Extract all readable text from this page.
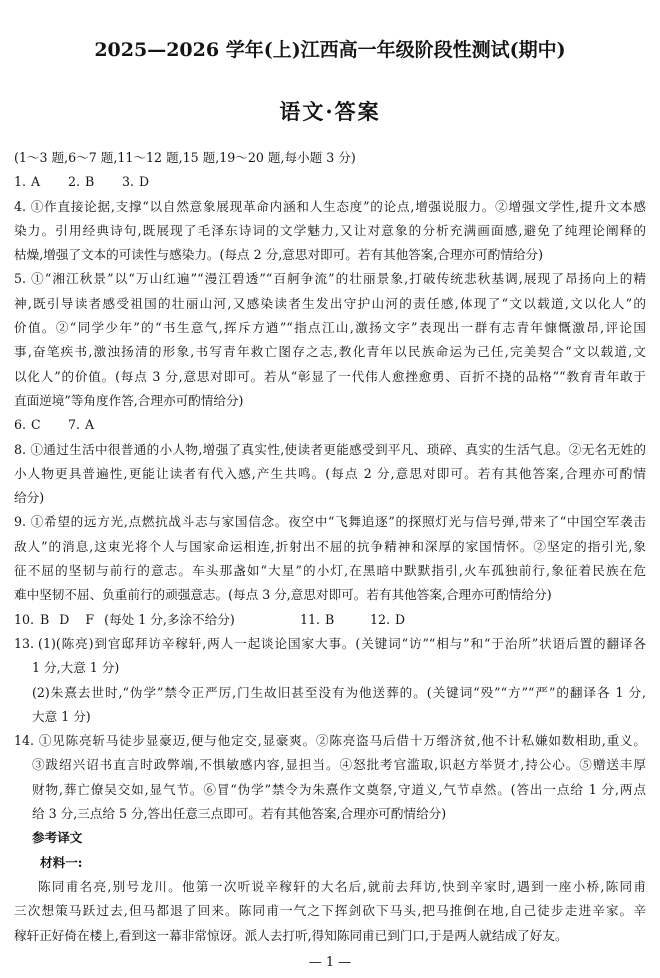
2025—2026 学年(上)江西高一年级阶段性测试(期中)
语文·答案
(1～3 题,6～7 题,11～12 题,15 题,19～20 题,每小题 3 分)
1. A 2. B 3. D
4. ①作直接论据,支撑“以自然意象展现革命内涵和人生态度”的论点,增强说服力。②增强文学性,提升文本感
染力。引用经典诗句,既展现了毛泽东诗词的文学魅力,又让对意象的分析充满画面感,避免了纯理论阐释的
枯燥,增强了文本的可读性与感染力。(每点 2 分,意思对即可。若有其他答案,合理亦可酌情给分)
5. ①“湘江秋景”以“万山红遍”“漫江碧透”“百舸争流”的壮丽景象,打破传统悲秋基调,展现了昂扬向上的精
神,既引导读者感受祖国的壮丽山河,又感染读者生发出守护山河的责任感,体现了“文以载道,文以化人”的
价值。②“同学少年”的“书生意气,挥斥方遒”“指点江山,激扬文字”表现出一群有志青年慷慨激昂,评论国
事,奋笔疾书,激浊扬清的形象,书写青年救亡图存之志,教化青年以民族命运为己任,完美契合“文以载道,文
以化人”的价值。(每点 3 分,意思对即可。若从“彰显了一代伟人愈挫愈勇、百折不挠的品格”“教育青年敢于
直面逆境”等角度作答,合理亦可酌情给分)
6. C 7. A
8. ①通过生活中很普通的小人物,增强了真实性,使读者更能感受到平凡、琐碎、真实的生活气息。②无名无姓的
小人物更具普遍性,更能让读者有代入感,产生共鸣。(每点 2 分,意思对即可。若有其他答案,合理亦可酌情
给分)
9. ①希望的远方光,点燃抗战斗志与家国信念。夜空中“飞舞追逐”的探照灯光与信号弹,带来了“中国空军袭击
敌人”的消息,这束光将个人与国家命运相连,折射出不屈的抗争精神和深厚的家国情怀。②坚定的指引光,象
征不屈的坚韧与前行的意志。车头那盏如“大星”的小灯,在黑暗中默默指引,火车孤独前行,象征着民族在危
难中坚韧不屈、负重前行的顽强意志。(每点 3 分,意思对即可。若有其他答案,合理亦可酌情给分)
10. B D F (每处 1 分,多涂不给分)	11. B	12. D
13. (1)(陈亮)到官邸拜访辛稼轩,两人一起谈论国家大事。(关键词“访”“相与”和“于治所”状语后置的翻译各
1 分,大意 1 分)
(2)朱熹去世时,“伪学”禁令正严厉,门生故旧甚至没有为他送葬的。(关键词“殁”“方”“严”的翻译各 1 分,
大意 1 分)
14. ①见陈亮斩马徒步显豪迈,便与他定交,显豪爽。②陈亮盗马后借十万缗济贫,他不计私嫌如数相助,重义。
③跋绍兴诏书直言时政弊端,不惧敏感内容,显担当。④怒批考官滥取,识赵方举贤才,持公心。⑤赠送丰厚
财物,葬亡僚吴交如,显气节。⑥冒“伪学”禁令为朱熹作文奠祭,守道义,气节卓然。(答出一点给 1 分,两点
给 3 分,三点给 5 分,答出任意三点即可。若有其他答案,合理亦可酌情给分)
参考译文
材料一:
陈同甫名亮,别号龙川。他第一次听说辛稼轩的大名后,就前去拜访,快到辛家时,遇到一座小桥,陈同甫
三次想策马跃过去,但马都退了回来。陈同甫一气之下挥剑砍下马头,把马推倒在地,自己徒步走进辛家。辛
稼轩正好倚在楼上,看到这一幕非常惊讶。派人去打听,得知陈同甫已到门口,于是两人就结成了好友。
— 1 —
